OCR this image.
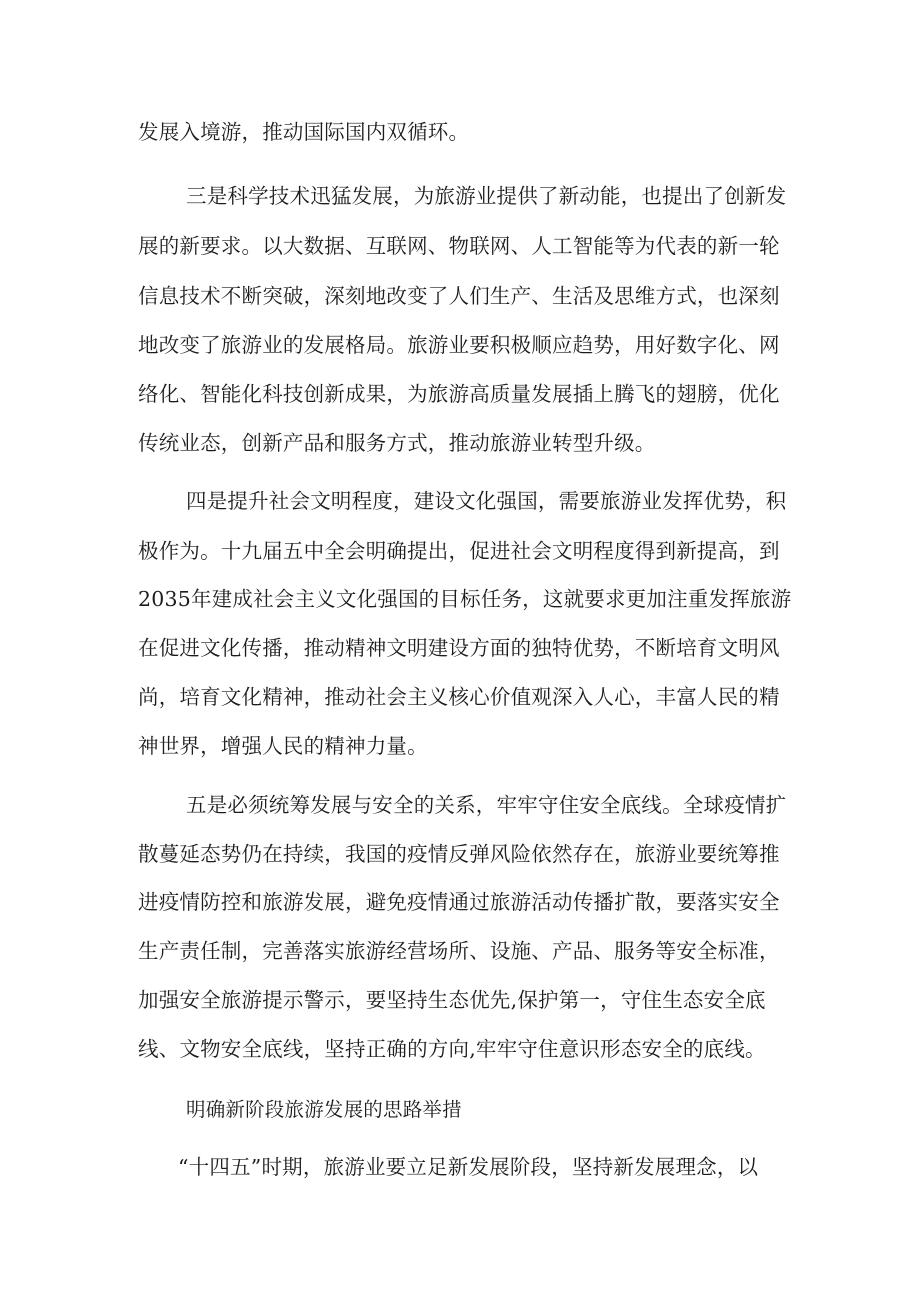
发展入境游，推动国际国内双循环。
三是科学技术迅猛发展，为旅游业提供了新动能，也提出了创新发
展的新要求。以大数据、互联网、物联网、人工智能等为代表的新一轮
信息技术不断突破，深刻地改变了人们生产、生活及思维方式，也深刻
地改变了旅游业的发展格局。旅游业要积极顺应趋势，用好数字化、网
络化、智能化科技创新成果，为旅游高质量发展插上腾飞的翅膀，优化
传统业态，创新产品和服务方式，推动旅游业转型升级。
四是提升社会文明程度，建设文化强国，需要旅游业发挥优势，积
极作为。十九届五中全会明确提出，促进社会文明程度得到新提高，到
2035年建成社会主义文化强国的目标任务，这就要求更加注重发挥旅游
在促进文化传播，推动精神文明建设方面的独特优势，不断培育文明风
尚，培育文化精神，推动社会主义核心价值观深入人心，丰富人民的精
神世界，增强人民的精神力量。
五是必须统筹发展与安全的关系，牢牢守住安全底线。全球疫情扩
散蔓延态势仍在持续，我国的疫情反弹风险依然存在，旅游业要统筹推
进疫情防控和旅游发展，避免疫情通过旅游活动传播扩散，要落实安全
生产责任制，完善落实旅游经营场所、设施、产品、服务等安全标准，
加强安全旅游提示警示，要坚持生态优先,保护第一，守住生态安全底
线、文物安全底线，坚持正确的方向,牢牢守住意识形态安全的底线。
明确新阶段旅游发展的思路举措
“十四五”时期，旅游业要立足新发展阶段，坚持新发展理念，以
